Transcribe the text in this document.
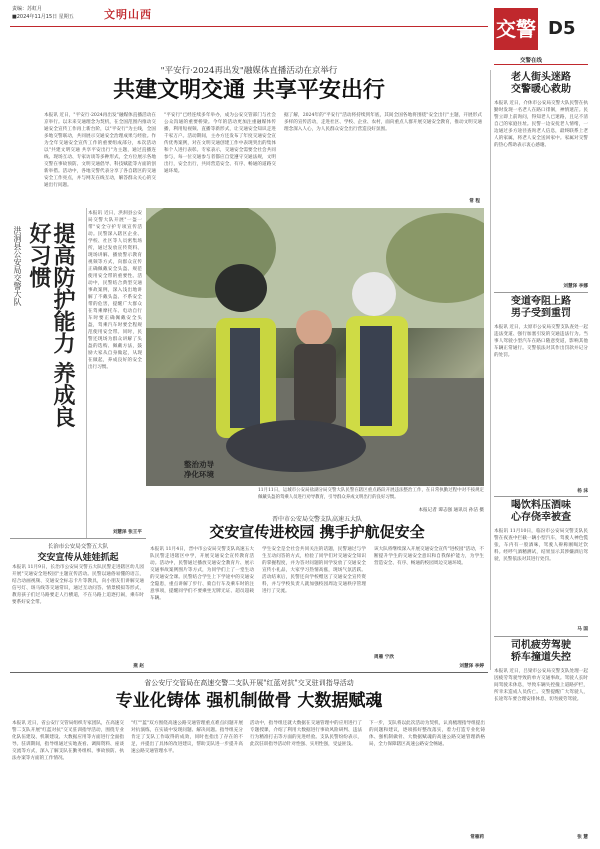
责编：苏虹月
■2024年11月15日 星期五	文明山西
交警 D5
交警在线
"平安行·2024再出发"融媒体直播活动在京举行
共建文明交通 共享平安出行
本报讯 近日，"平安行·2024再出发"融媒体直播活动在京举行。以未来交通理念为契机，在全国范围内推动交通安全宣传工作再上新台阶，以"平安行"为主线，全国多地交警联动，共同展示交通安全治理成果与经验。作为全年交通安全宣传工作的重要组成部分，本次活动以"共建文明交通 共享平安出行"为主题，通过直播连线、现场互动、专家访谈等多种形式，全方位展示各地交警在事故预防、文明交通倡导、科技赋能等方面的创新举措。活动中，各地交警代表分享了各自辖区的交通安全工作亮点，并与网友在线互动，解答群众关心的交通出行问题。
"平安行"已经连续多年举办，成为公安交管部门与社会公众沟通的重要桥梁。今年的活动更加注重融媒体传播，利用短视频、直播等新形式，让交通安全知识走进千家万户。活动期间，主办方还发布了年度交通安全宣传优秀案例，对在文明交通创建工作中表现突出的集体和个人进行表彰。专家表示，交通安全需要全社会共同参与，每一位交通参与者都应自觉遵守交通法规，文明出行，安全出行，共同营造安全、有序、畅通的道路交通环境。
据了解，2024年的"平安行"活动将持续到年底，其间全国各地将围绕"安全出行"主题，开展形式多样的宣传活动，走进社区、学校、企业、农村，面向重点人群开展交通安全教育，推动文明交通理念深入人心，为人民群众安全出行营造良好氛围。
常 程
洪洞县公安局交警大队	提高防护能力 养成良好习惯
本报讯 近日，洪洞县公安局交警大队开展"一盔一带"安全守护专项宣传活动。民警深入辖区企业、学校、社区等人员密集场所，通过发放宣传资料、现场讲解、播放警示教育视频等方式，向群众宣传正确佩戴安全头盔、规范使用安全带的重要性。活动中，民警结合典型交通事故案例，深入浅出地讲解了不戴头盔、不系安全带的危害，提醒广大群众在驾乘摩托车、电动自行车时要正确佩戴安全头盔，驾乘汽车时要全程规范使用安全带。同时，民警还现场为群众讲解了头盔的选购、佩戴方法，鼓励大家从自身做起，从现在做起，养成良好的安全出行习惯。
刘慧泽 张王平
整治劝导
净化环境
11月11日，运城市公安局盐湖分局交警大队民警在辖区重点路段开展违法整治工作，在日常执勤过程中对不按规定佩戴头盔的驾乘人员进行劝导教育，引导群众养成文明出行的良好习惯。
本报记者 谭志强 通讯员 孙洁 摄
长治市公安局交警五大队
交安宣传从娃娃抓起
本报讯 11月9日，长治市公安局交警五大队民警走进辖区幼儿园开展"交通安全进校园"主题宣传活动。民警以通俗易懂的语言，结合动画视频、交通安全标志卡片等教具，向小朋友们讲解交通信号灯、斑马线等交通常识，通过互动问答、情景模拟等形式，教育孩子们过马路要走人行横道，不在马路上追逐打闹，乘车时要系好安全带。
燕 赵
晋中市公安局交警支队高速五大队
交安宣传进校园 携手护航促安全
本报讯 11月4日，晋中市公安局交警支队高速五大队民警走进辖区中学，开展交通安全宣传教育活动。活动中，民警通过播放交通安全教育片、展示交通事故案例图片等方式，为同学们上了一堂生动的交通安全课。民警结合学生上下学途中的交通安全隐患，重点讲解了步行、骑自行车及乘车时的注意事项，提醒同学们不要乘坐无牌无证、超员超载车辆。
学生安全是全社会共同关注的话题，民警通过与学生互动问答的方式，检验了同学们对交通安全知识的掌握程度，并为答对问题的同学发放了交通安全宣传小礼品，大家学习热情高涨，现场气氛活跃。活动结束后，民警还向学校赠送了交通安全宣传资料，并与学校负责人就加强校园周边交通秩序管理进行了交流。
该大队将继续深入开展交通安全宣传"进校园"活动，不断提升学生的交通安全意识和自我保护能力，为学生营造安全、有序、畅通的校园周边交通环境。
周雁 宁欣
刘慧泽 李婷
老人街头迷路
交警暖心救助
本报讯 近日，介休市公安局交警大队民警在执勤时发现一名老人在路口徘徊，神情迷茫。民警立即上前询问，得知老人已迷路，且记不清自己的家庭住址。民警一边安抚老人情绪，一边通过多方途径查询老人信息，最终联系上老人的家属，将老人安全送回家中。家属对交警的热心帮助表示衷心感谢。
刘慧泽 李娜
变道夸阻上路
男子受到重罚
本报讯 近日，太原市公安局交警支队查处一起违法变道、强行加塞引发的交通违法行为。当事人驾驶小型汽车在路口随意变道，影响其他车辆正常通行。交警依法对其作出罚款并记分的处罚。
杨 沫
喝饮料压酒味
心存侥幸被查
本报讯 11月10日，临汾市公安局交警支队民警在夜查中拦截一辆小型汽车，驾驶人神色慌张，车内有一股酒味，驾驶人辩称刚喝过饮料。经呼气酒精测试，结果显示其涉嫌酒后驾驶，民警依法对其进行处罚。
马 国
司机疲劳驾驶
轿车撞道失控
本报讯 近日，吕梁市公安局交警支队处理一起因疲劳驾驶导致的单方交通事故。驾驶人长时间驾驶未休息，导致车辆失控撞上道路护栏，所幸未造成人员伤亡。交警提醒广大驾驶人，长途驾车要合理安排休息，切勿疲劳驾驶。
张 慧
省公安厅交管局在高速交警二支队开展"红蓝对抗"交叉驻训指导活动
专业化铸体 强机制做骨 大数据赋魂
本报讯 近日，省公安厅交管局组织专家团队，在高速交警二支队开展"红蓝对抗"交叉驻训指导活动，围绕专业化队伍建设、机制建设、大数据应用等方面进行全面指导。驻训期间，指导组通过实地查看、调阅资料、座谈交流等方式，深入了解支队在勤务组织、事故预防、执法办案等方面的工作情况。
"红""蓝"双方围绕高速公路交通管理重点难点问题开展对抗演练，在实战中发现问题、解决问题。指导组充分肯定了支队工作取得的成效，同时也指出了存在的不足，并提出了具体的改进建议，帮助支队进一步提升高速公路交通管理水平。
活动中，指导组还就大数据在交通管理中的应用进行了专题授课，介绍了利用大数据进行事故风险研判、违法行为精准打击等方面的先进经验。支队民警纷纷表示，此次驻训指导活动针对性强、实用性强，受益匪浅。
下一步，支队将以此次活动为契机，认真梳理指导组提出的问题和建议，逐项抓好整改落实，着力打造专业化铸体、强机制做骨、大数据赋魂的高速公路交通管理新格局，全力保障辖区高速公路安全畅通。
常雁莉
